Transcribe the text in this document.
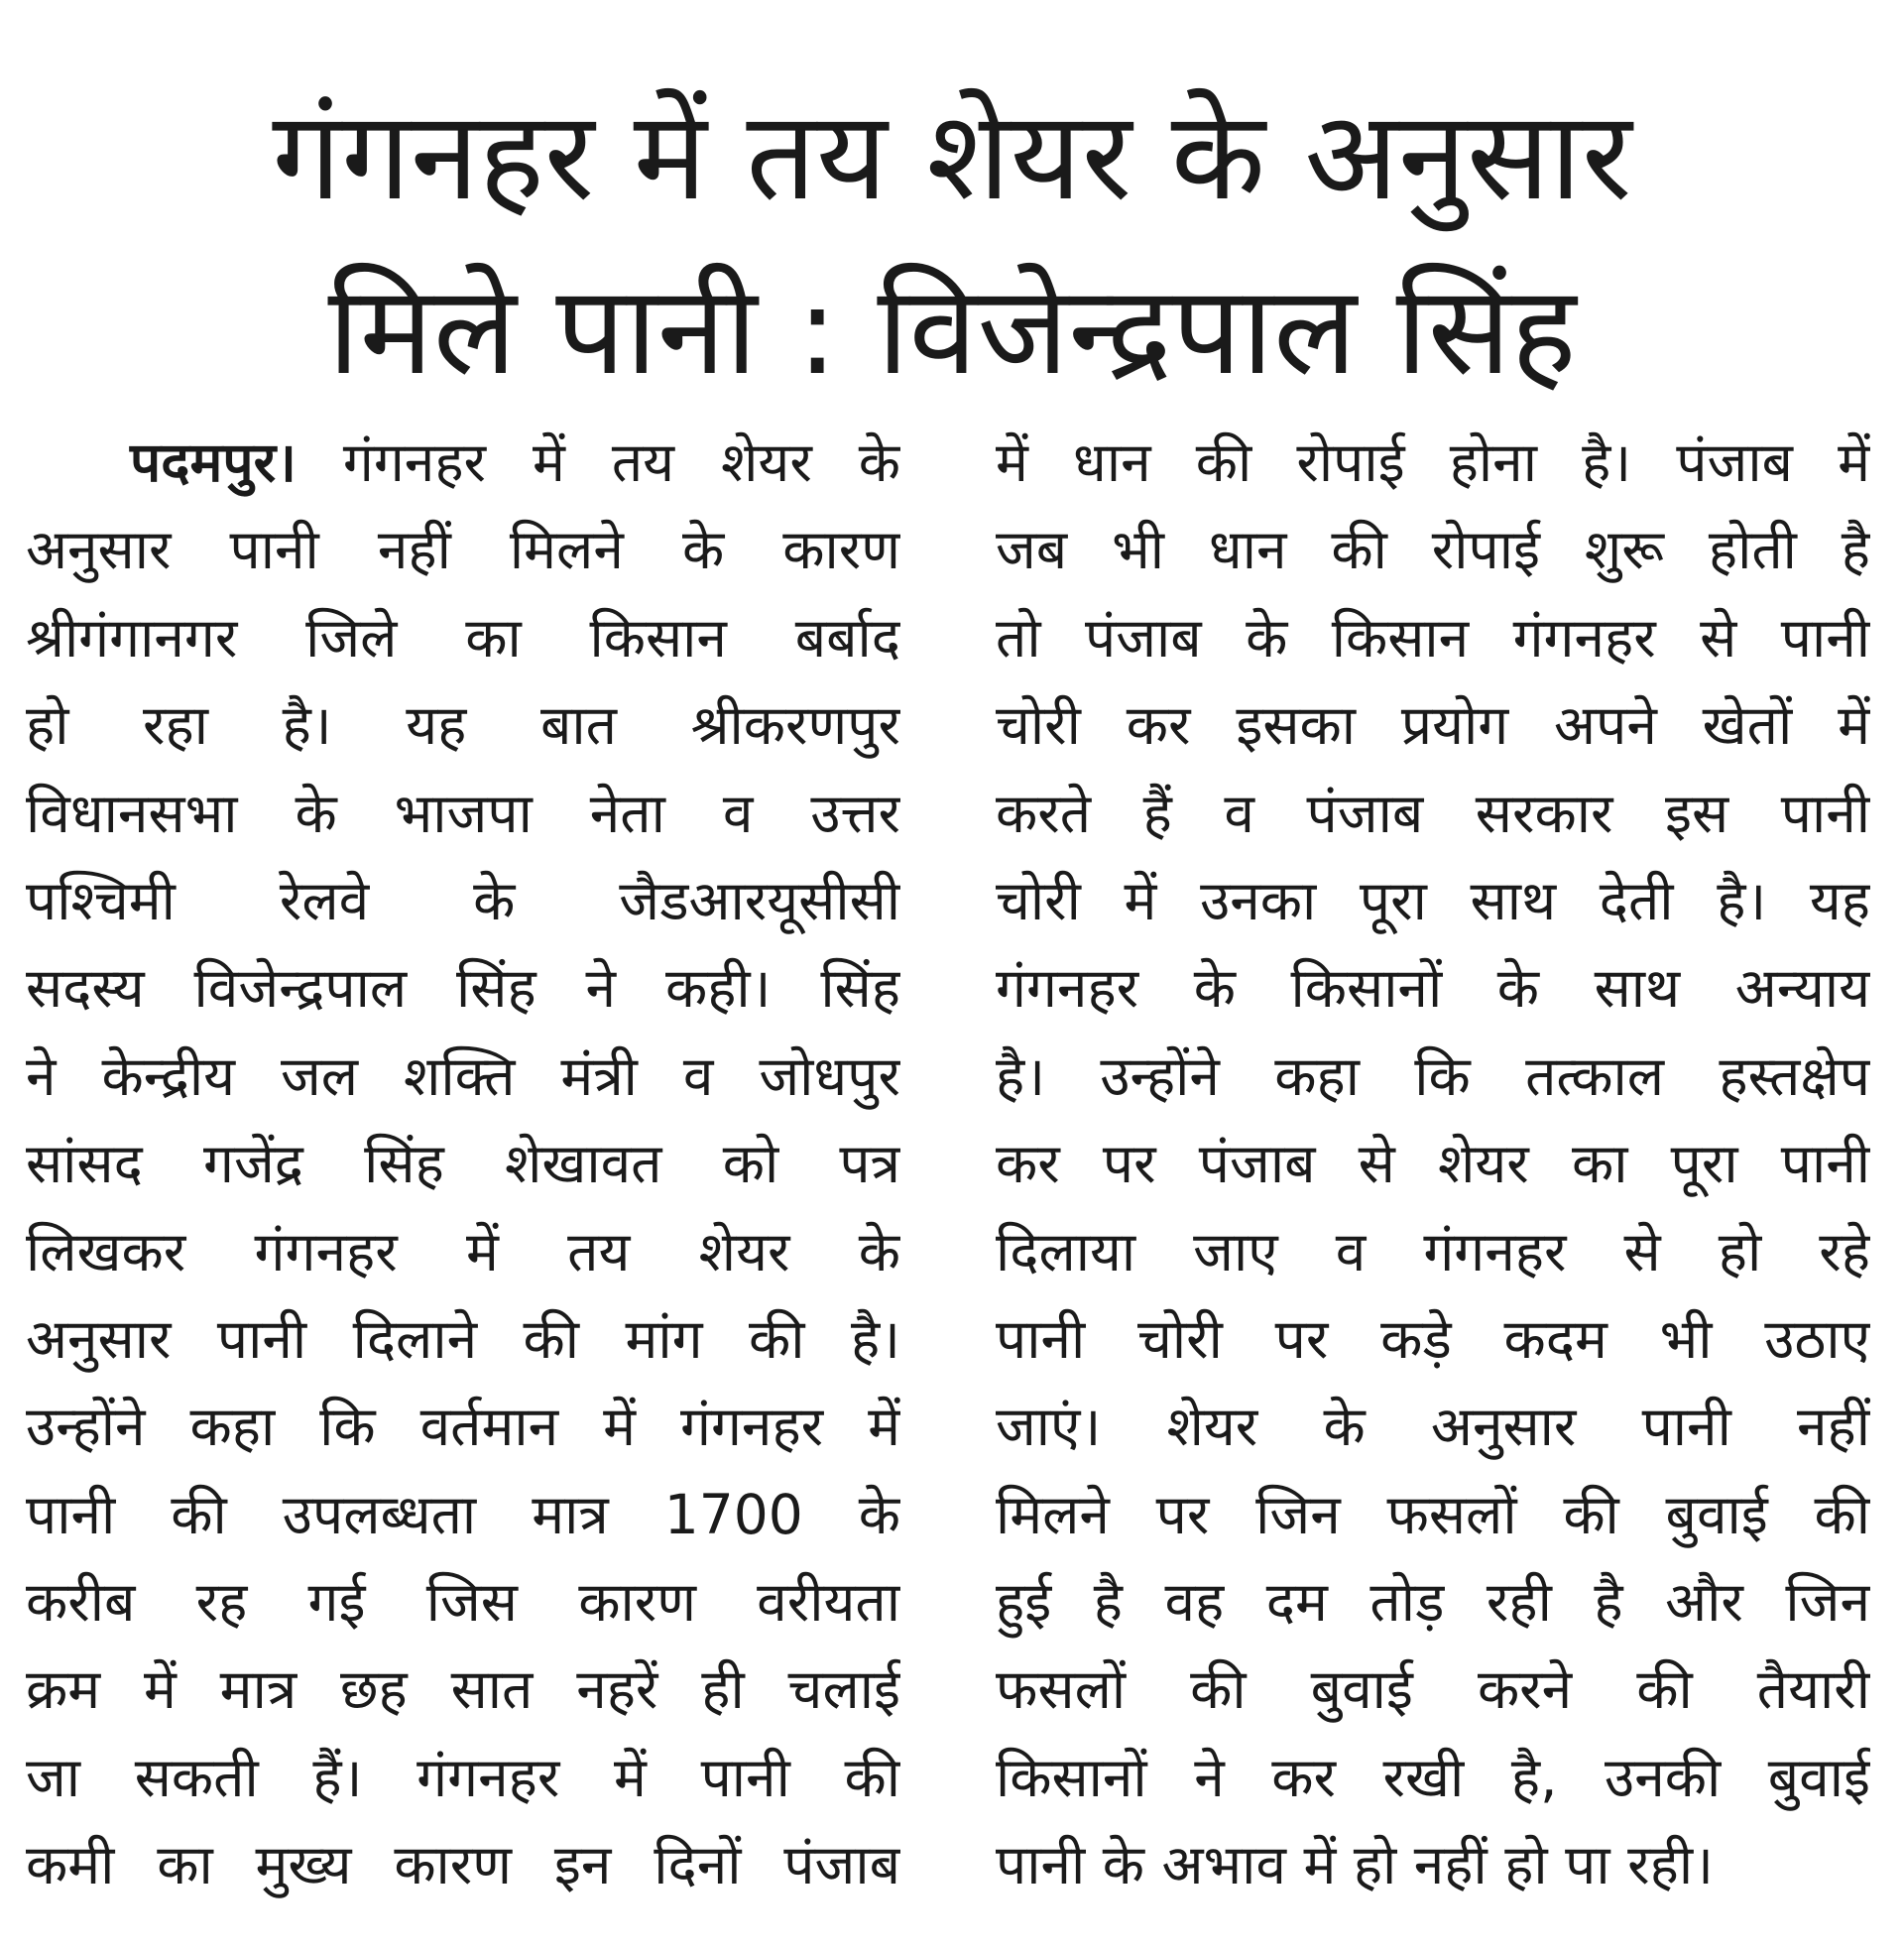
गंगनहर में तय शेयर के अनुसार
मिले पानी : विजेन्द्रपाल सिंह
पदमपुर। गंगनहर में तय शेयर के
अनुसार पानी नहीं मिलने के कारण
श्रीगंगानगर जिले का किसान बर्बाद
हो रहा है। यह बात श्रीकरणपुर
विधानसभा के भाजपा नेता व उत्तर
पश्चिमी रेलवे के जैडआरयूसीसी
सदस्य विजेन्द्रपाल सिंह ने कही। सिंह
ने केन्द्रीय जल शक्ति मंत्री व जोधपुर
सांसद गजेंद्र सिंह शेखावत को पत्र
लिखकर गंगनहर में तय शेयर के
अनुसार पानी दिलाने की मांग की है।
उन्होंने कहा कि वर्तमान में गंगनहर में
पानी की उपलब्धता मात्र 1700 के
करीब रह गई जिस कारण वरीयता
क्रम में मात्र छह सात नहरें ही चलाई
जा सकती हैं। गंगनहर में पानी की
कमी का मुख्य कारण इन दिनों पंजाब
में धान की रोपाई होना है। पंजाब में
जब भी धान की रोपाई शुरू होती है
तो पंजाब के किसान गंगनहर से पानी
चोरी कर इसका प्रयोग अपने खेतों में
करते हैं व पंजाब सरकार इस पानी
चोरी में उनका पूरा साथ देती है। यह
गंगनहर के किसानों के साथ अन्याय
है। उन्होंने कहा कि तत्काल हस्तक्षेप
कर पर पंजाब से शेयर का पूरा पानी
दिलाया जाए व गंगनहर से हो रहे
पानी चोरी पर कड़े कदम भी उठाए
जाएं। शेयर के अनुसार पानी नहीं
मिलने पर जिन फसलों की बुवाई की
हुई है वह दम तोड़ रही है और जिन
फसलों की बुवाई करने की तैयारी
किसानों ने कर रखी है, उनकी बुवाई
पानी के अभाव में हो नहीं हो पा रही।
